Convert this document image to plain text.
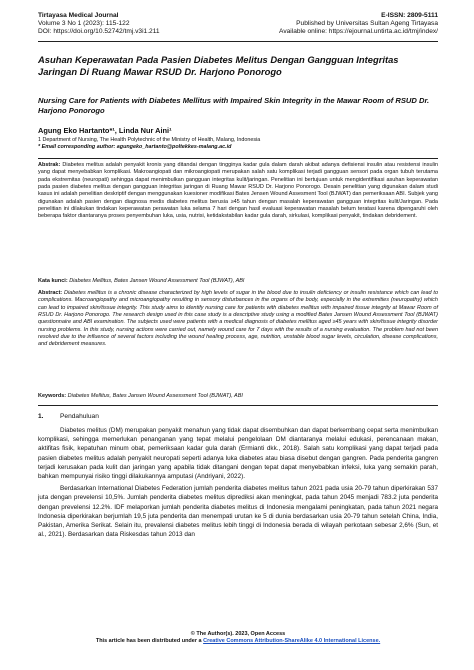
Tirtayasa Medical Journal
Volume 3 No 1 (2023): 115-122
DOI: https://doi.org/10.52742/tmj.v3i1.211
E-ISSN: 2809-5111
Published by Universitas Sultan Ageng Tirtayasa
Available online: https://ejournal.untirta.ac.id/tmj/index/
Asuhan Keperawatan Pada Pasien Diabetes Melitus Dengan Gangguan Integritas Jaringan Di Ruang Mawar RSUD Dr. Harjono Ponorogo
Nursing Care for Patients with Diabetes Mellitus with Impaired Skin Integrity in the Mawar Room of RSUD Dr. Harjono Ponorogo
Agung Eko Hartanto*¹, Linda Nur Aini¹
1 Department of Nursing, The Health Polytechnic of the Ministry of Health, Malang, Indonesia
* Email corresponding author: agungeko_hartanto@poltekkes-malang.ac.id

Abstrak: Diabetes melitus adalah penyakit kronis yang ditandai dengan tingginya kadar gula dalam darah akibat adanya defisiensi insulin atau resistensi insulin yang dapat menyebabkan komplikasi. Makroangiopati dan mikroangiopati merupakan salah satu komplikasi terjadi gangguan sensori pada organ tubuh terutama pada ekstremitas (neuropati) sehingga dapat menimbulkan gangguan integritas kulit/jaringan. Penelitian ini bertujuan untuk mengidentifikasi asuhan keperawatan pada pasien diabetes melitus dengan gangguan integritas jaringan di Ruang Mawar RSUD Dr. Harjono Ponorogo. Desain penelitian yang digunakan dalam studi kasus ini adalah penelitian deskriptif dengan menggunakan kuesioner modifikasi Bates Jensen Wound Assesment Tool (BJWAT) dan pemeriksaan ABI. Subjek yang digunakan adalah pasien dengan diagnosa medis diabetes melitus berusia ≥45 tahun dengan masalah keperawatan gangguan integritas kulit/Jaringan. Pada penelitian ini dilakukan tindakan keperawatan perawatan luka selama 7 hari dengan hasil evaluasi keperawatan masalah belum teratasi karena dipengaruhi oleh beberapa faktor diantaranya proses penyembuhan luka, usia, nutrisi, ketidakstabilan kadar gula darah, sirkulasi, komplikasi penyakit, tindakan debridement.

Kata kunci: Diabetes Mellitus, Bates Jansen Wound Assessment Tool (BJWAT), ABI
Abstract: Diabetes mellitus is a chronic disease characterized by high levels of sugar in the blood due to insulin deficiency or insulin resistance which can lead to complications. Macroangiopathy and microangiopathy resulting in sensory disturbances in the organs of the body, especially in the extremities (neuropathy) which can lead to impaired skin/tissue integrity. This study aims to identify nursing care for patients with diabetes mellitus with impaired tissue integrity at Mawar Room of RSUD Dr. Harjono Ponorogo. The research design used in this case study is a descriptive study using a modified Bates Jansen Wound Assessment Tool (BJWAT) questionnaire and ABI examination. The subjects used were patients with a medical diagnosis of diabetes mellitus aged ≥45 years with skin/tissue integrity disorder nursing problems. In this study, nursing actions were carried out, namely wound care for 7 days with the results of a nursing evaluation. The problem had not been resolved due to the influence of several factors including the wound healing process, age, nutrition, unstable blood sugar levels, circulation, disease complications, and debridement measures.
Keywords: Diabetes Mellitus, Bates Jansen Wound Assessment Tool (BJWAT), ABI
1.	Pendahuluan

Diabetes melitus (DM) merupakan penyakit menahun yang tidak dapat disembuhkan dan dapat berkembang cepat serta menimbulkan komplikasi, sehingga memerlukan penanganan yang tepat melalui pengelolaan DM diantaranya melalui edukasi, perencanaan makan, aktifitas fisik, kepatuhan minum obat, pemeriksaan kadar gula darah (Ermianti dkk., 2018). Salah satu komplikasi yang dapat terjadi pada pasien diabetes melitus adalah penyakit neuropati seperti adanya luka diabetes atau biasa disebut dengan gangren. Pada penderita gangren terjadi kerusakan pada kulit dan jaringan yang apabila tidak ditangani dengan tepat dapat menyebabkan infeksi, luka yang semakin parah, bahkan mempunyai risiko tinggi dilakukannya amputasi (Andriyani, 2022).

Berdasarkan International Diabetes Federation jumlah penderita diabetes melitus tahun 2021 pada usia 20-79 tahun diperkirakan 537 juta dengan prevelensi 10,5%. Jumlah penderita diabetes melitus diprediksi akan meningkat, pada tahun 2045 menjadi 783.2 juta penderita dengan prevelensi 12.2%. IDF melaporkan jumlah penderita diabetes melitus di Indonesia mengalami peningkatan, pada tahun 2021 negara Indonesia diperkirakan berjumlah 19,5 juta penderita dan menempati urutan ke 5 di dunia berdasarkan usia 20-79 tahun setelah China, India, Pakistan, Amerika Serikat. Selain itu, prevalensi diabetes melitus lebih tinggi di Indonesia berada di wilayah perkotaan sebesar 2,6% (Sun, et al., 2021). Berdasarkan data Riskesdas tahun 2013 dan

© The Author(s). 2023, Open Access
This article has been distributed under a Creative Commons Attribution-ShareAlike 4.0 International License.
